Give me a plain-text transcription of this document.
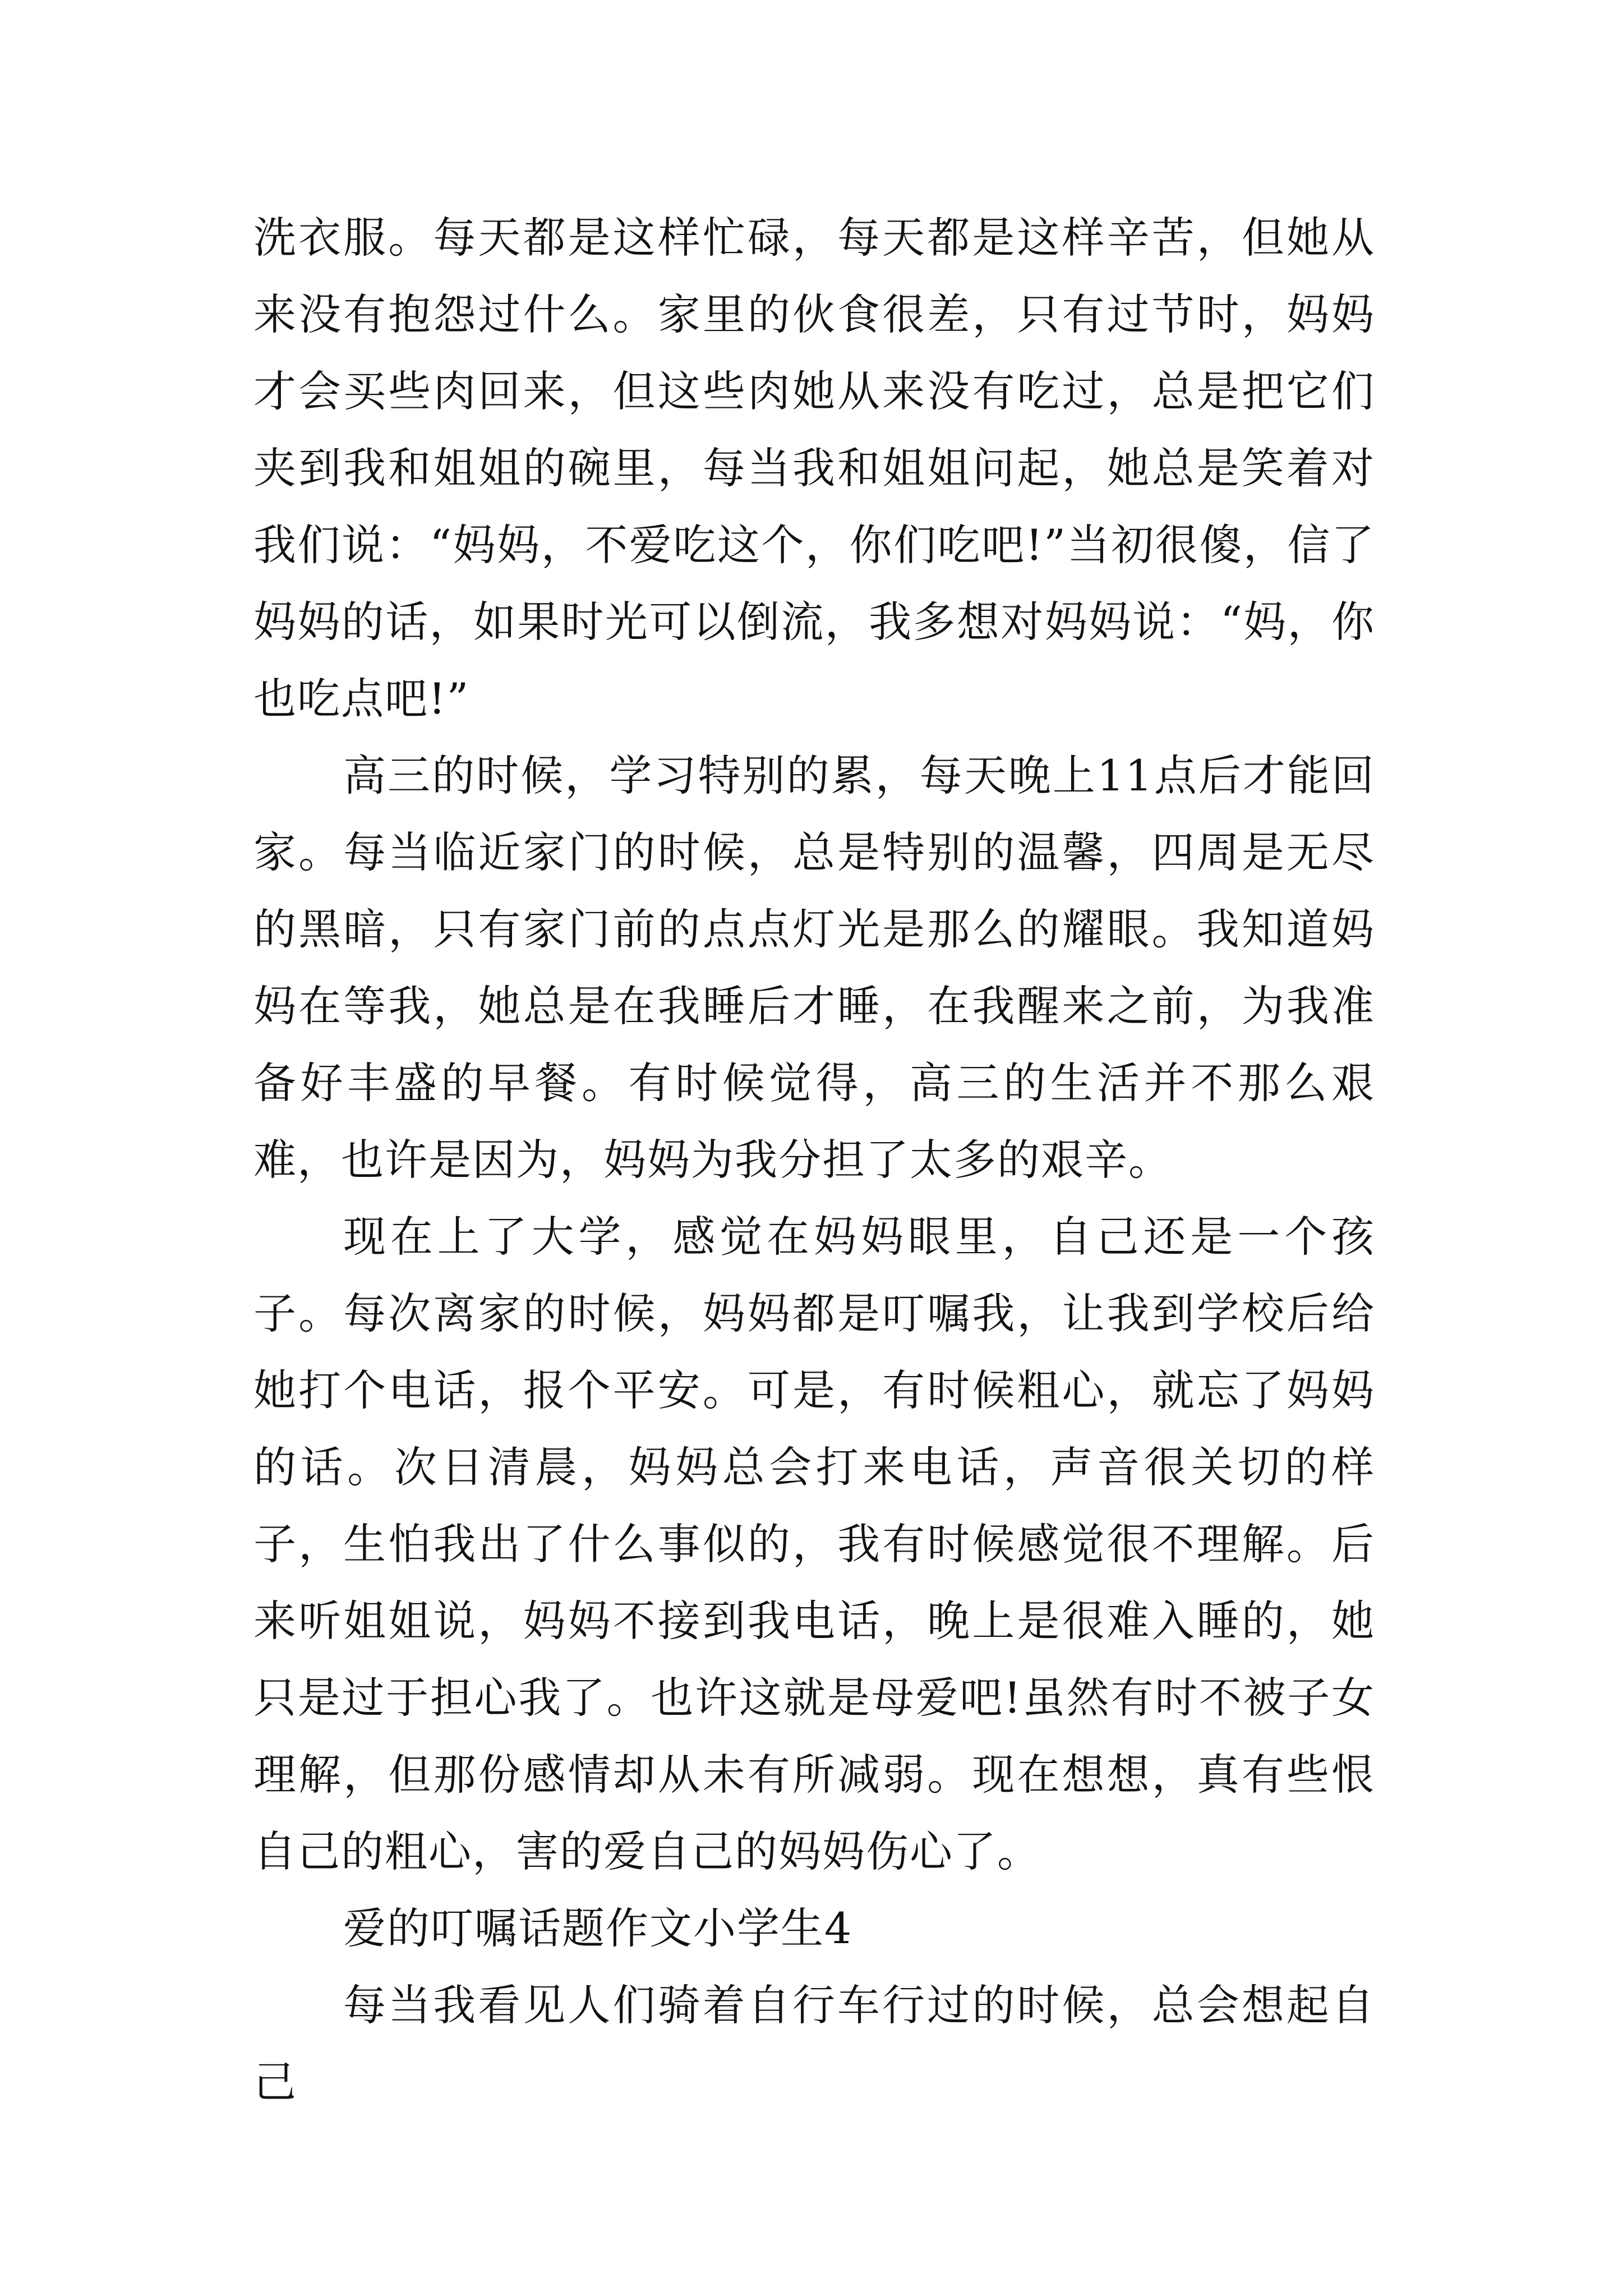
洗衣服。每天都是这样忙碌，每天都是这样辛苦，但她从来没有抱怨过什么。家里的伙食很差，只有过节时，妈妈才会买些肉回来，但这些肉她从来没有吃过，总是把它们夹到我和姐姐的碗里，每当我和姐姐问起，她总是笑着对我们说：“妈妈，不爱吃这个，你们吃吧!”当初很傻，信了妈妈的话，如果时光可以倒流，我多想对妈妈说：“妈，你也吃点吧!”

高三的时候，学习特别的累，每天晚上11点后才能回家。每当临近家门的时候，总是特别的温馨，四周是无尽的黑暗，只有家门前的点点灯光是那么的耀眼。我知道妈妈在等我，她总是在我睡后才睡，在我醒来之前，为我准备好丰盛的早餐。有时候觉得，高三的生活并不那么艰难，也许是因为，妈妈为我分担了太多的艰辛。

现在上了大学，感觉在妈妈眼里，自己还是一个孩子。每次离家的时候，妈妈都是叮嘱我，让我到学校后给她打个电话，报个平安。可是，有时候粗心，就忘了妈妈的话。次日清晨，妈妈总会打来电话，声音很关切的样子，生怕我出了什么事似的，我有时候感觉很不理解。后来听姐姐说，妈妈不接到我电话，晚上是很难入睡的，她只是过于担心我了。也许这就是母爱吧!虽然有时不被子女理解，但那份感情却从未有所减弱。现在想想，真有些恨自己的粗心，害的爱自己的妈妈伤心了。

爱的叮嘱话题作文小学生4

每当我看见人们骑着自行车行过的时候，总会想起自己
